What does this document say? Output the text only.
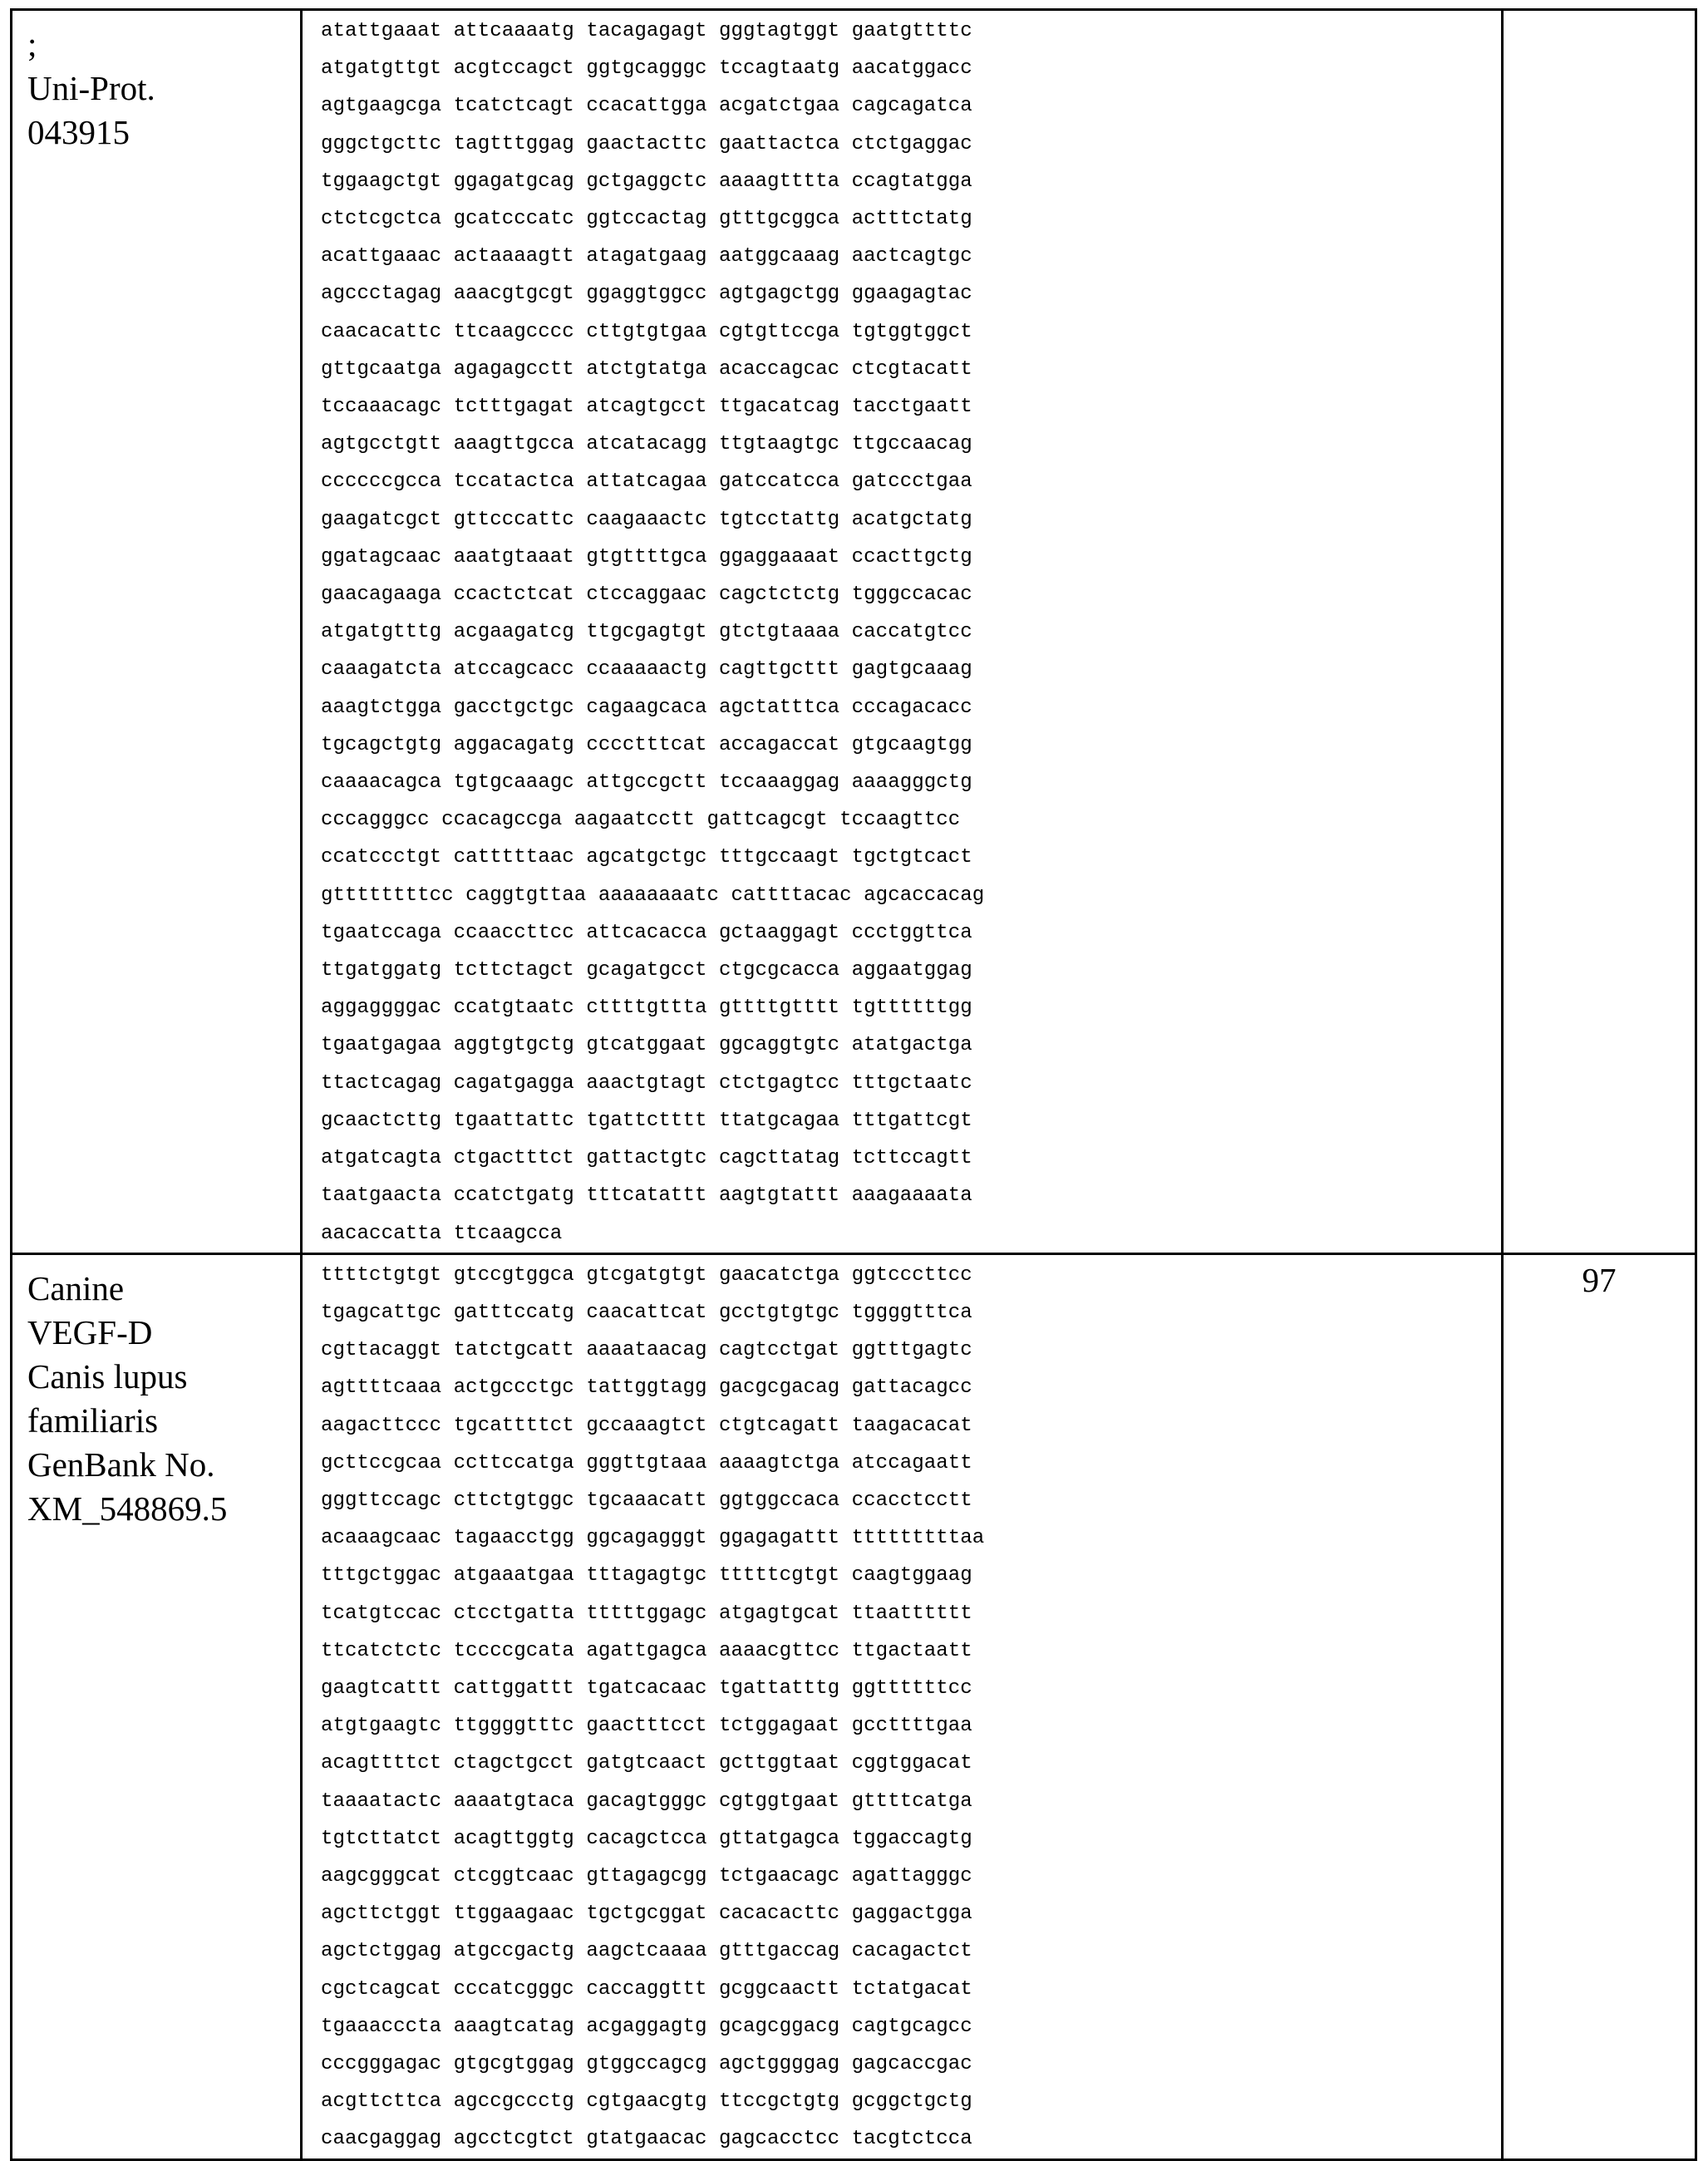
;
Uni-Prot.
043915

atattgaaat attcaaaatg tacagagagt gggtagtggt gaatgttttc
atgatgttgt acgtccagct ggtgcagggc tccagtaatg aacatggacc
agtgaagcga tcatctcagt ccacattgga acgatctgaa cagcagatca
gggctgcttc tagtttggag gaactacttc gaattactca ctctgaggac
tggaagctgt ggagatgcag gctgaggctc aaaagtttta ccagtatgga
ctctcgctca gcatcccatc ggtccactag gtttgcggca actttctatg
acattgaaac actaaaagtt atagatgaag aatggcaaag aactcagtgc
agccctagag aaacgtgcgt ggaggtggcc agtgagctgg ggaagagtac
caacacattc ttcaagcccc cttgtgtgaa cgtgttccga tgtggtggct
gttgcaatga agagagcctt atctgtatga acaccagcac ctcgtacatt
tccaaacagc tctttgagat atcagtgcct ttgacatcag tacctgaatt
agtgcctgtt aaagttgcca atcatacagg ttgtaagtgc ttgccaacag
ccccccgcca tccatactca attatcagaa gatccatcca gatccctgaa
gaagatcgct gttcccattc caagaaactc tgtcctattg acatgctatg
ggatagcaac aaatgtaaat gtgttttgca ggaggaaaat ccacttgctg
gaacagaaga ccactctcat ctccaggaac cagctctctg tgggccacac
atgatgtttg acgaagatcg ttgcgagtgt gtctgtaaaa caccatgtcc
caaagatcta atccagcacc ccaaaaactg cagttgcttt gagtgcaaag
aaagtctgga gacctgctgc cagaagcaca agctatttca cccagacacc
tgcagctgtg aggacagatg cccctttcat accagaccat gtgcaagtgg
caaaacagca tgtgcaaagc attgccgctt tccaaaggag aaaagggctg
cccagggcc ccacagccga aagaatcctt gattcagcgt tccaagttcc
ccatccctgt catttttaac agcatgctgc tttgccaagt tgctgtcact
gttttttttcc caggtgttaa aaaaaaaatc cattttacac agcaccacag
tgaatccaga ccaaccttcc attcacacca gctaaggagt ccctggttca
ttgatggatg tcttctagct gcagatgcct ctgcgcacca aggaatggag
aggaggggac ccatgtaatc cttttgttta gttttgtttt tgttttttgg
tgaatgagaa aggtgtgctg gtcatggaat ggcaggtgtc atatgactga
ttactcagag cagatgagga aaactgtagt ctctgagtcc tttgctaatc
gcaactcttg tgaattattc tgattctttt ttatgcagaa tttgattcgt
atgatcagta ctgactttct gattactgtc cagcttatag tcttccagtt
taatgaacta ccatctgatg tttcatattt aagtgtattt aaagaaaata
aacaccatta ttcaagcca

Canine
VEGF-D
Canis lupus
familiaris
GenBank No.
XM_548869.5

ttttctgtgt gtccgtggca gtcgatgtgt gaacatctga ggtcccttcc
tgagcattgc gatttccatg caacattcat gcctgtgtgc tggggtttca
cgttacaggt tatctgcatt aaaataacag cagtcctgat ggtttgagtc
agttttcaaa actgccctgc tattggtagg gacgcgacag gattacagcc
aagacttccc tgcattttct gccaaagtct ctgtcagatt taagacacat
gcttccgcaa ccttccatga gggttgtaaa aaaagtctga atccagaatt
gggttccagc cttctgtggc tgcaaacatt ggtggccaca ccacctcctt
acaaagcaac tagaacctgg ggcagagggt ggagagattt tttttttttaa
tttgctggac atgaaatgaa tttagagtgc tttttcgtgt caagtggaag
tcatgtccac ctcctgatta tttttggagc atgagtgcat ttaatttttt
ttcatctctc tccccgcata agattgagca aaaacgttcc ttgactaatt
gaagtcattt cattggattt tgatcacaac tgattatttg ggttttttcc
atgtgaagtc ttggggtttc gaactttcct tctggagaat gccttttgaa
acagttttct ctagctgcct gatgtcaact gcttggtaat cggtggacat
taaaatactc aaaatgtaca gacagtgggc cgtggtgaat gttttcatga
tgtcttatct acagttggtg cacagctcca gttatgagca tggaccagtg
aagcgggcat ctcggtcaac gttagagcgg tctgaacagc agattagggc
agcttctggt ttggaagaac tgctgcggat cacacacttc gaggactgga
agctctggag atgccgactg aagctcaaaa gtttgaccag cacagactct
cgctcagcat cccatcgggc caccaggttt gcggcaactt tctatgacat
tgaaacccta aaagtcatag acgaggagtg gcagcggacg cagtgcagcc
cccgggagac gtgcgtggag gtggccagcg agctggggag gagcaccgac
acgttcttca agccgccctg cgtgaacgtg ttccgctgtg gcggctgctg
caacgaggag agcctcgtct gtatgaacac gagcacctcc tacgtctcca
	97
